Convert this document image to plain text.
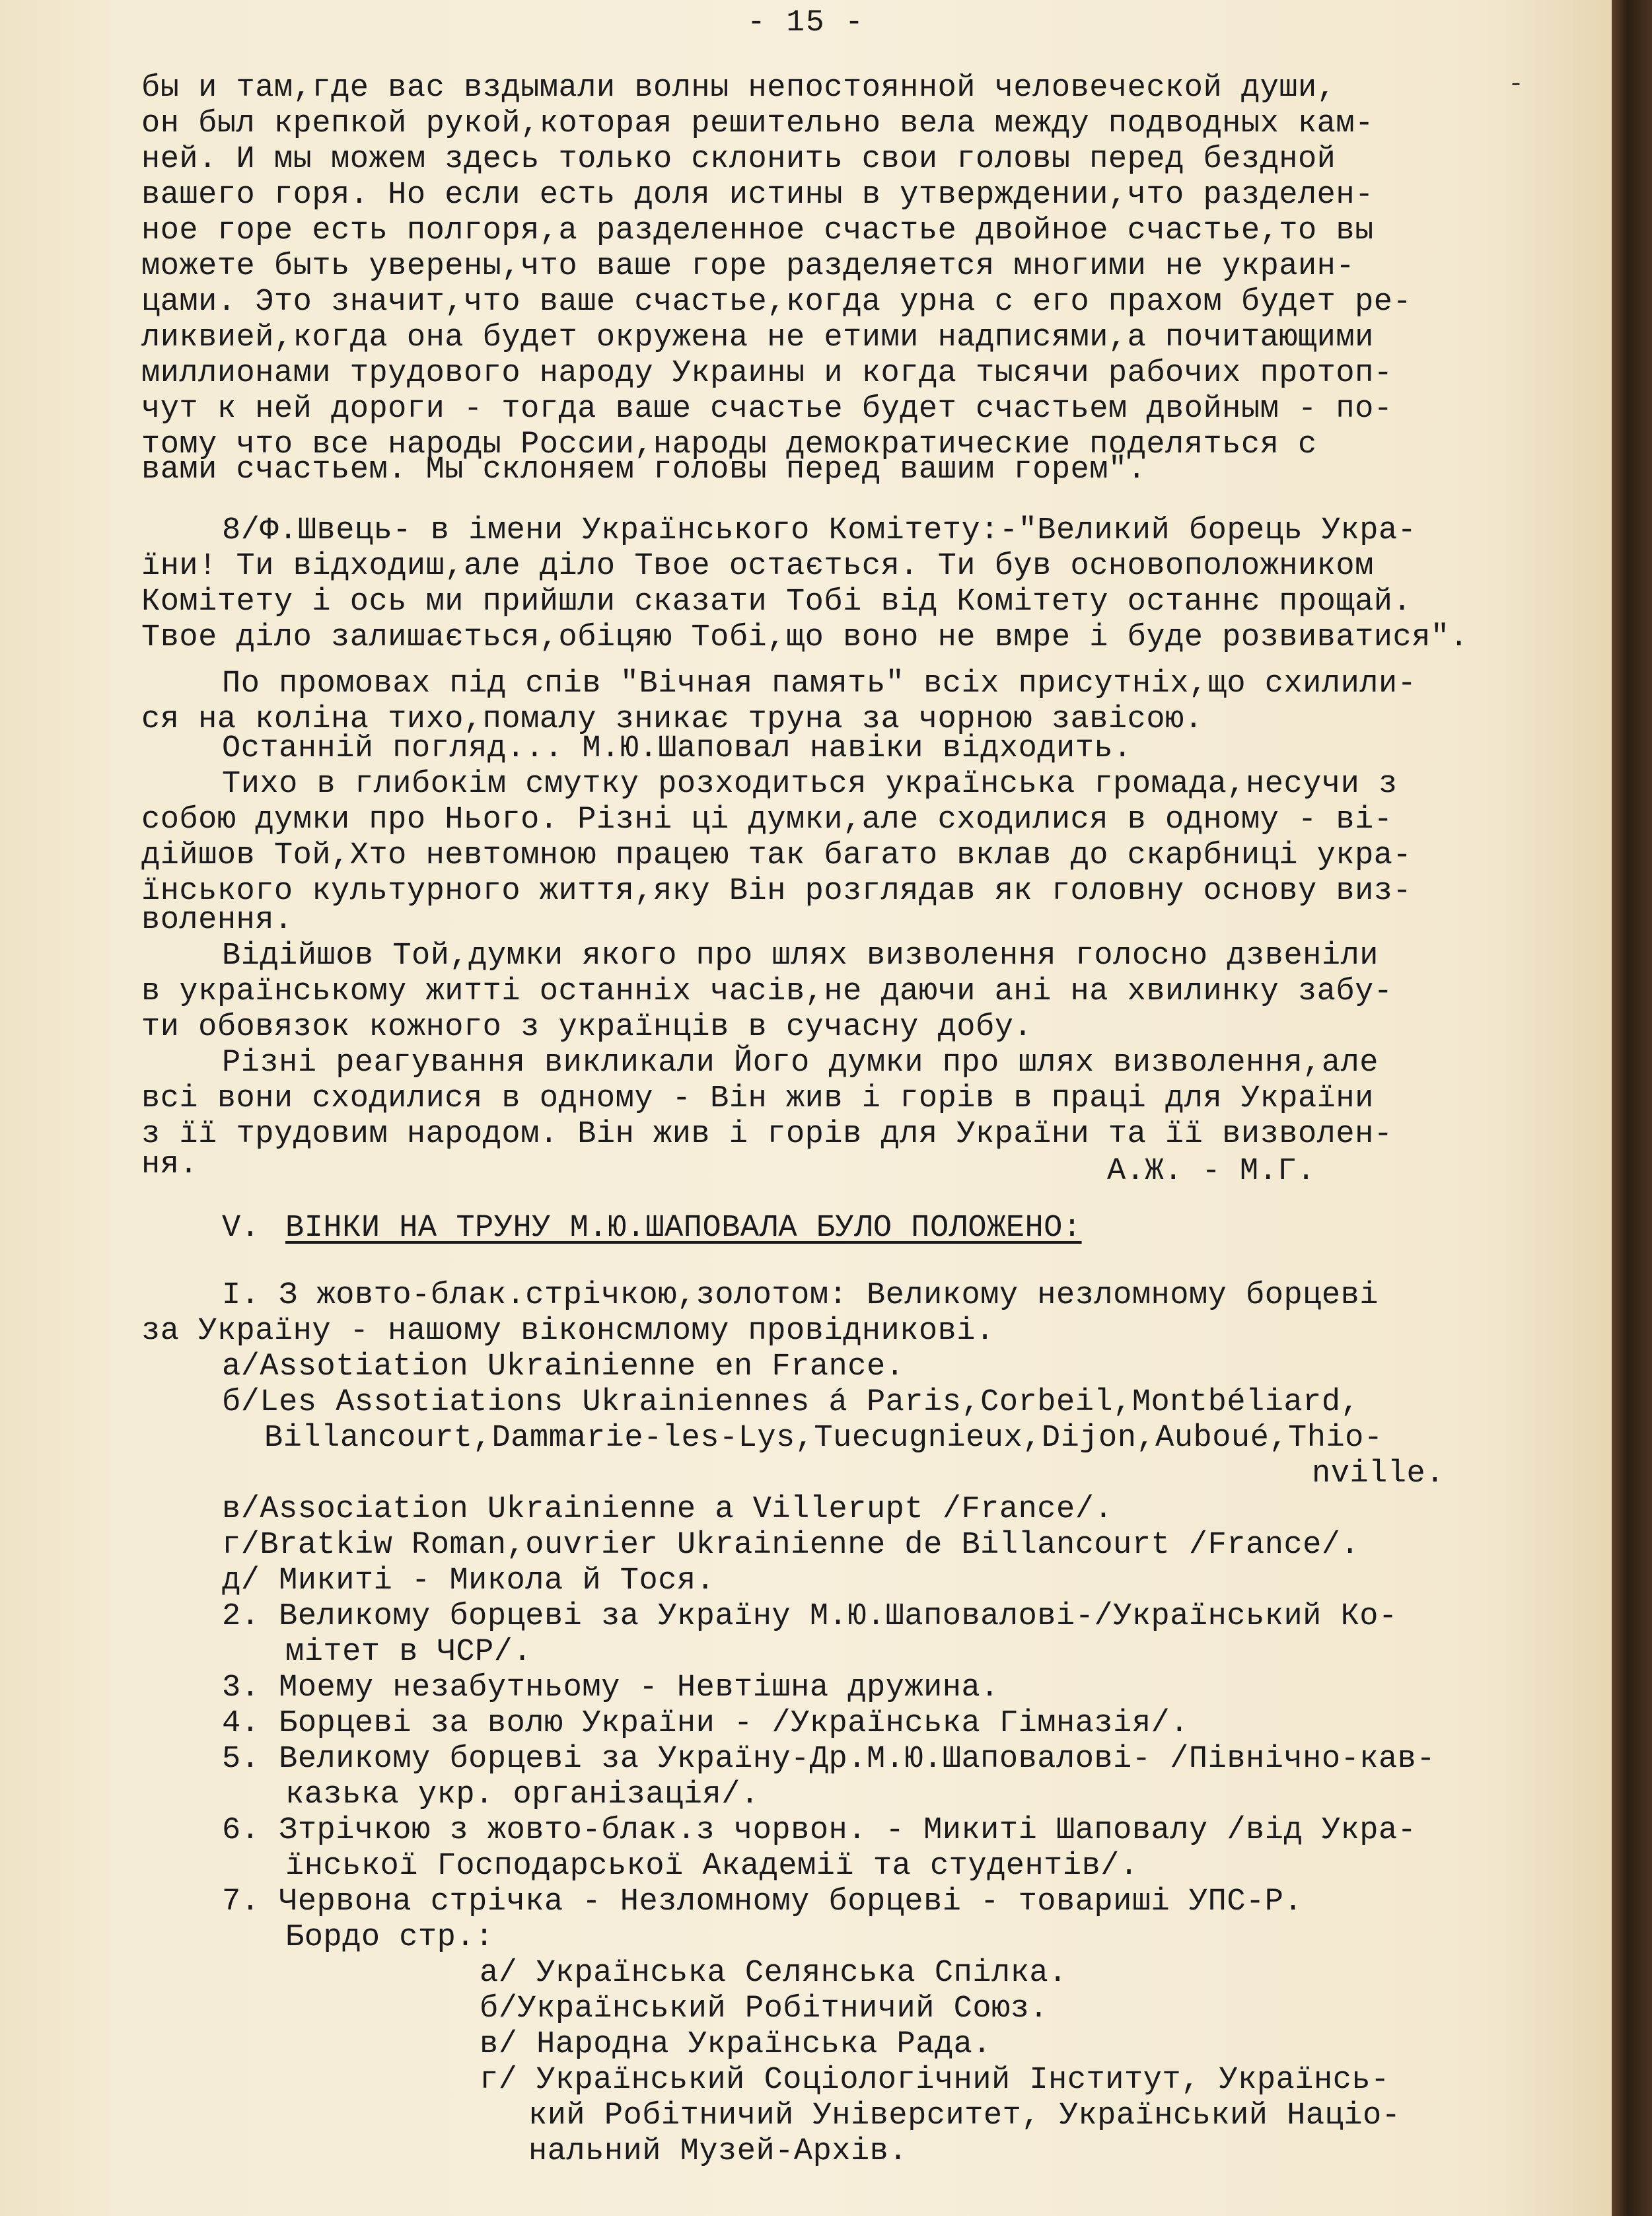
- 15 -
-
бы и там,где вас вздымали волны непостоянной человеческой души,
он был крепкой рукой,которая решительно вела между подводных кам-
ней. И мы можем здесь только склонить свои головы перед бездной
вашего горя. Но если есть доля истины в утверждении,что разделен-
ное горе есть полгоря,а разделенное счастье двойное счастье,то вы
можете быть уверены,что ваше горе разделяется многими не украин-
цами. Это значит,что ваше счастье,когда урна с его прахом будет ре-
ликвией,когда она будет окружена не етими надписями,а почитающими
миллионами трудового народу Украины и когда тысячи рабочих протоп-
чут к ней дороги - тогда ваше счастье будет счастьем двойным - по-
тому что все народы России,народы демократические поделяться с
вами счастьем. Мы склоняем головы перед вашим горем".
8/Ф.Швець- в імени Українського Комітету:-"Великий борець Укра-
їни! Ти відходиш,але діло Твое остається. Ти був основоположником
Комітету і ось ми прийшли сказати Тобі від Комітету останнє прощай.
Твое діло залишається,обіцяю Тобі,що воно не вмре і буде розвиватися".
По промовах під спів "Вічная память" всіх присутніх,що схилили-
ся на коліна тихо,помалу зникає труна за чорною завісою.
Останній погляд... М.Ю.Шаповал навіки відходить.
Тихо в глибокім смутку розходиться українська громада,несучи з
собою думки про Нього. Різні ці думки,але сходилися в одному - ві-
дійшов Той,Хто невтомною працею так багато вклав до скарбниці укра-
їнського культурного життя,яку Він розглядав як головну основу виз-
волення.
Відійшов Той,думки якого про шлях визволення голосно дзвеніли
в українському житті останніх часів,не даючи ані на хвилинку забу-
ти обовязок кожного з українців в сучасну добу.
Різні реагування викликали Його думки про шлях визволення,але
всі вони сходилися в одному - Він жив і горів в праці для України
з її трудовим народом. Він жив і горів для України та її визволен-
ня.	А.Ж. - М.Г.
V. ВІНКИ НА ТРУНУ М.Ю.ШАПОВАЛА БУЛО ПОЛОЖЕНО:
I. З жовто-блак.стрічкою,золотом: Великому незломному борцеві
за Україну - нашому віконсмлому провідникові.
а/Assotiation Ukrainienne en France.
б/Les Assotiations Ukrainiennes á Paris,Corbeil,Montbéliard,
Billancourt,Dammarie-les-Lys,Tuecugnieux,Dijon,Auboué,Thio-
nville.
в/Association Ukrainienne a Villerupt /France/.
г/Bratkiw Roman,ouvrier Ukrainienne de Billancourt /France/.
д/ Микиті - Микола й Тося.
2. Великому борцеві за Україну М.Ю.Шаповалові-/Український Ко-
мітет в ЧСР/.
3. Моему незабутньому - Невтішна дружина.
4. Борцеві за волю України - /Українська Гімназія/.
5. Великому борцеві за Україну-Др.М.Ю.Шаповалові- /Північно-кав-
казька укр. організація/.
6. Зтрічкою з жовто-блак.з чорвон. - Микиті Шаповалу /від Укра-
їнської Господарської Академії та студентів/.
7. Червона стрічка - Незломному борцеві - товариші УПС-Р.
Бордо стр.:
а/ Українська Селянська Спілка.
б/Український Робітничий Союз.
в/ Народна Українська Рада.
г/ Український Соціологічний Інститут, Українсь-
кий Робітничий Університет, Український Націо-
нальний Музей-Архів.
